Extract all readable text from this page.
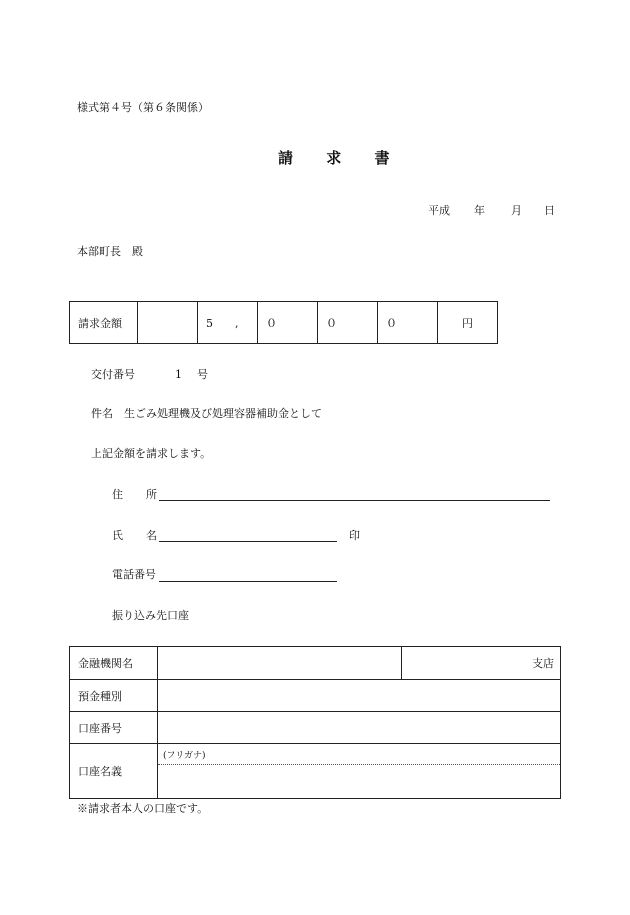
様式第４号（第６条関係）
請 求 書
平成 年 月 日
本部町長　殿
請求金額		5　　,	０	０	０	円
交付番号	1 号
件名 生ごみ処理機及び処理容器補助金として
上記金額を請求します。
住 所
氏 名	印
電話番号
振り込み先口座
金融機関名		支店
預金種別		
口座番号		
口座名義	(フリガナ)	
※請求者本人の口座です。
